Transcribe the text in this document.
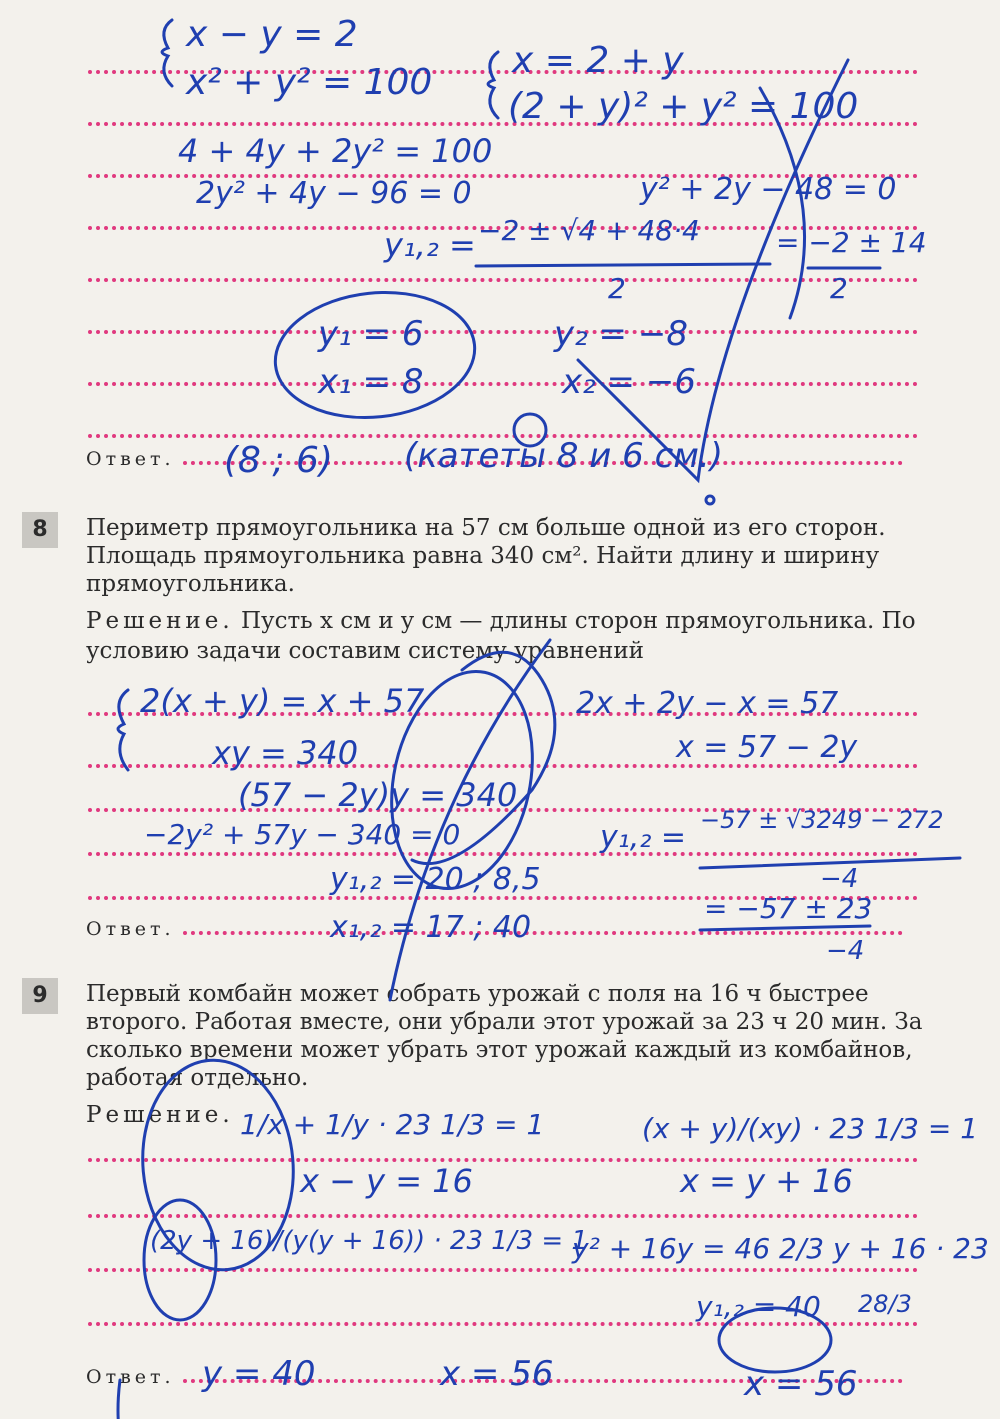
Ответ.
8	Периметр прямоугольника на 57 см больше одной из его сторон. Площадь прямоугольника равна 340 см². Найти длину и ширину прямоугольника.
Решение. Пусть x см и y см — длины сторон прямоугольника. По условию задачи составим систему уравнений
Ответ.
9	Первый комбайн может собрать урожай с поля на 16 ч быстрее второго. Работая вместе, они убрали этот урожай за 23 ч 20 мин. За сколько времени может убрать этот урожай каждый из комбайнов, работая отдельно.
Решение.
Ответ.
x − y = 2
x² + y² = 100
x = 2 + y
(2 + y)² + y² = 100
4 + 4y + 2y² = 100
2y² + 4y − 96 = 0	y² + 2y − 48 = 0
y₁,₂ = −2 ± √4 + 48·4
2
= −2 ± 14
2
y₁ = 6
x₁ = 8
y₂ = −8
x₂ = −6
(8 ; 6) (катеты 8 и 6 см.)
2(x + y) = x + 57	2x + 2y − x = 57
xy = 340	x = 57 − 2y
(57 − 2y)y = 340
−2y² + 57y − 340 = 0	y₁,₂ = −57 ± √3249 − 272
−4
y₁,₂ = 20 ; 8,5
x₁,₂ = 17 ; 40
= −57 ± 23
−4
1/x + 1/y · 23 1/3 = 1	(x + y)/(xy) · 23 1/3 = 1
x − y = 16	x = y + 16
(2y + 16)/(y(y + 16)) · 23 1/3 = 1
y² + 16y = 46 2/3 y + 16 · 23
y₁,₂ = 40 28/3
y = 40	x = 56	x = 56
